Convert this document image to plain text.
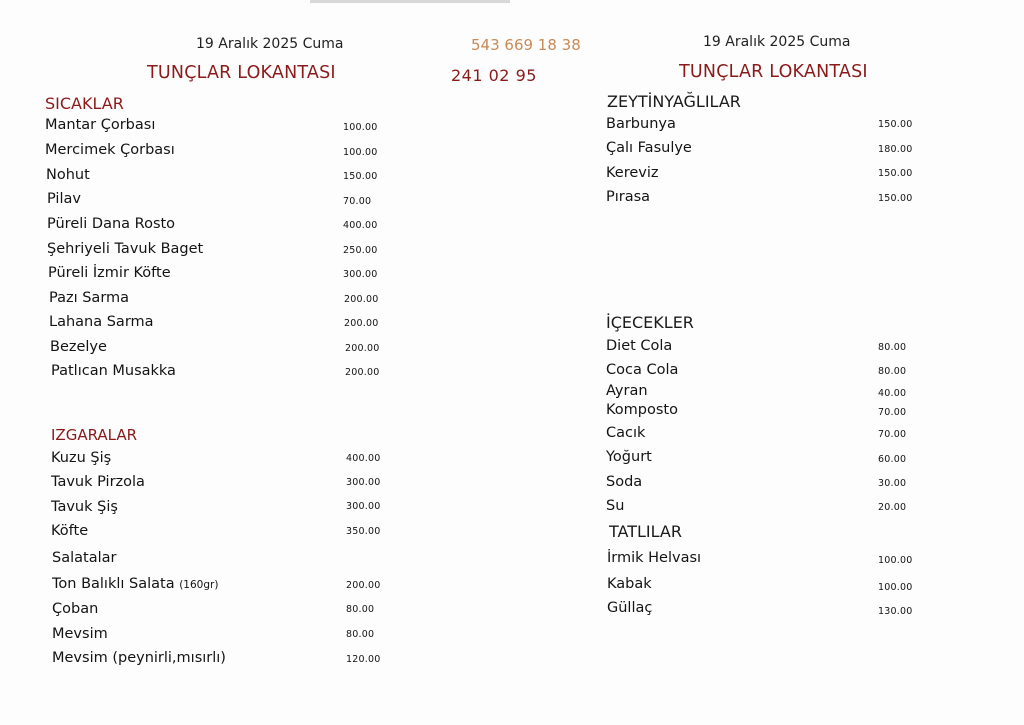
19 Aralık 2025 Cuma
TUNÇLAR LOKANTASI
543 669 18 38
241 02 95
19 Aralık 2025 Cuma
TUNÇLAR LOKANTASI
SICAKLAR
Mantar Çorbası	100.00
Mercimek Çorbası	100.00
Nohut	150.00
Pilav	70.00
Püreli Dana Rosto	400.00
Şehriyeli Tavuk Baget	250.00
Püreli İzmir Köfte	300.00
Pazı Sarma	200.00
Lahana Sarma	200.00
Bezelye	200.00
Patlıcan Musakka	200.00
IZGARALAR
Kuzu Şiş	400.00
Tavuk Pirzola	300.00
Tavuk Şiş	300.00
Köfte	350.00
Salatalar
Ton Balıklı Salata (160gr)	200.00
Çoban	80.00
Mevsim	80.00
Mevsim (peynirli,mısırlı)	120.00
ZEYTİNYAĞLILAR
Barbunya	150.00
Çalı Fasulye	180.00
Kereviz	150.00
Pırasa	150.00
İÇECEKLER
Diet Cola	80.00
Coca Cola	80.00
Ayran	40.00
Komposto	70.00
Cacık	70.00
Yoğurt	60.00
Soda	30.00
Su	20.00
TATLILAR
İrmik Helvası	100.00
Kabak	100.00
Güllaç	130.00
